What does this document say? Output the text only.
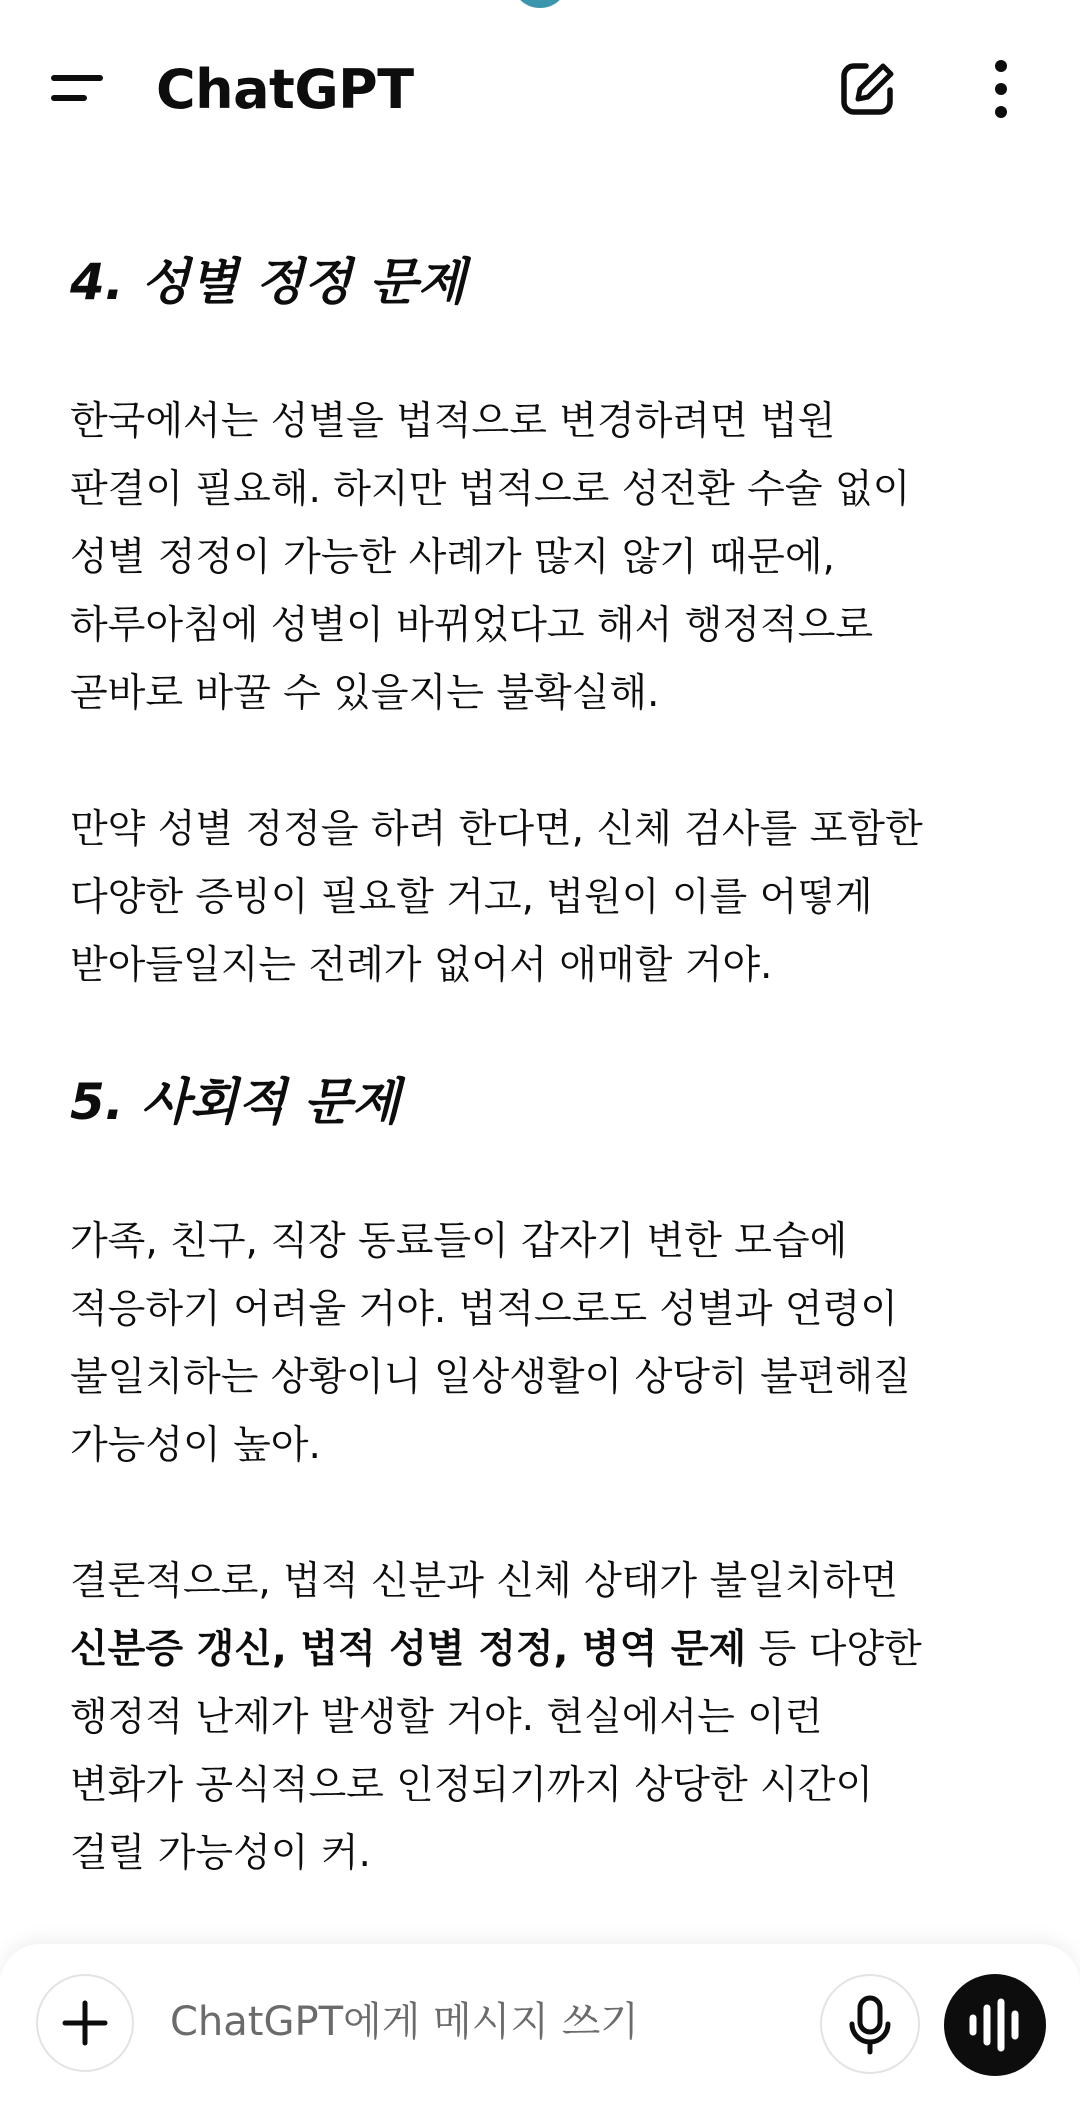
ChatGPT
4. 성별 정정 문제

한국에서는 성별을 법적으로 변경하려면 법원
판결이 필요해. 하지만 법적으로 성전환 수술 없이
성별 정정이 가능한 사례가 많지 않기 때문에,
하루아침에 성별이 바뀌었다고 해서 행정적으로
곧바로 바꿀 수 있을지는 불확실해.

만약 성별 정정을 하려 한다면, 신체 검사를 포함한
다양한 증빙이 필요할 거고, 법원이 이를 어떻게
받아들일지는 전례가 없어서 애매할 거야.

5. 사회적 문제

가족, 친구, 직장 동료들이 갑자기 변한 모습에
적응하기 어려울 거야. 법적으로도 성별과 연령이
불일치하는 상황이니 일상생활이 상당히 불편해질
가능성이 높아.

결론적으로, 법적 신분과 신체 상태가 불일치하면
신분증 갱신, 법적 성별 정정, 병역 문제 등 다양한
행정적 난제가 발생할 거야. 현실에서는 이런
변화가 공식적으로 인정되기까지 상당한 시간이
걸릴 가능성이 커.

ChatGPT에게 메시지 쓰기
